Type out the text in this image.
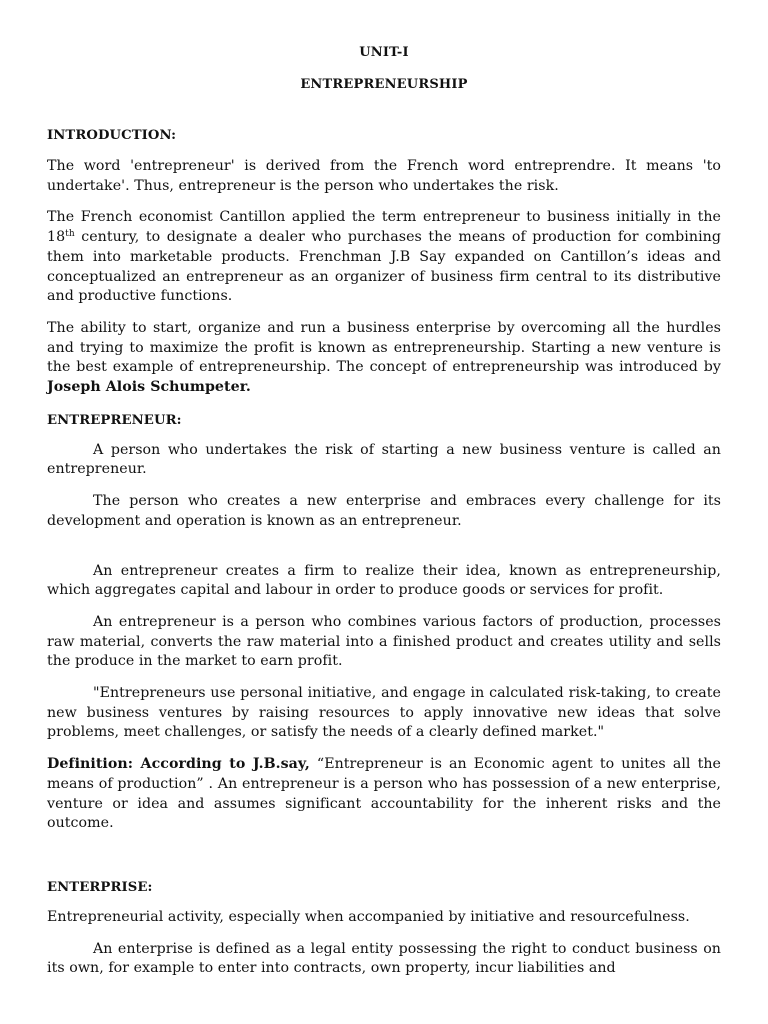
UNIT-I
ENTREPRENEURSHIP
INTRODUCTION:

The word 'entrepreneur' is derived from the French word entreprendre. It means 'to undertake'. Thus, entrepreneur is the person who undertakes the risk.

The French economist Cantillon applied the term entrepreneur to business initially in the 18th century, to designate a dealer who purchases the means of production for combining them into marketable products. Frenchman J.B Say expanded on Cantillon’s ideas and conceptualized an entrepreneur as an organizer of business firm central to its distributive and productive functions.

The ability to start, organize and run a business enterprise by overcoming all the hurdles and trying to maximize the profit is known as entrepreneurship. Starting a new venture is the best example of entrepreneurship. The concept of entrepreneurship was introduced by Joseph Alois Schumpeter.

ENTREPRENEUR:

A person who undertakes the risk of starting a new business venture is called an entrepreneur.

The person who creates a new enterprise and embraces every challenge for its development and operation is known as an entrepreneur.

An entrepreneur creates a firm to realize their idea, known as entrepreneurship, which aggregates capital and labour in order to produce goods or services for profit.

An entrepreneur is a person who combines various factors of production, processes raw material, converts the raw material into a finished product and creates utility and sells the produce in the market to earn profit.

"Entrepreneurs use personal initiative, and engage in calculated risk-taking, to create new business ventures by raising resources to apply innovative new ideas that solve problems, meet challenges, or satisfy the needs of a clearly defined market."

Definition: According to J.B.say, “Entrepreneur is an Economic agent to unites all the means of production” . An entrepreneur is a person who has possession of a new enterprise, venture or idea and assumes significant accountability for the inherent risks and the outcome.

ENTERPRISE:

Entrepreneurial activity, especially when accompanied by initiative and resourcefulness.

An enterprise is defined as a legal entity possessing the right to conduct business on its own, for example to enter into contracts, own property, incur liabilities and
